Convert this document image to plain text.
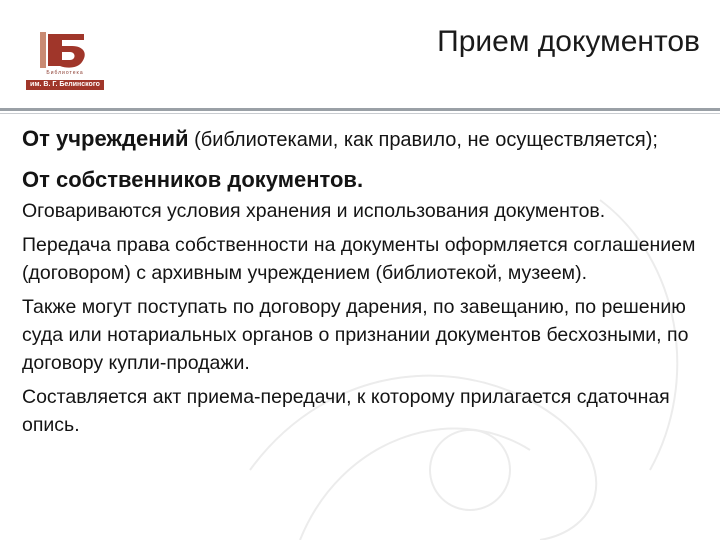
Библиотека
им. В. Г. Белинского
Прием документов

От учреждений (библиотеками, как правило, не осуществляется);

От собственников документов.

Оговариваются условия хранения и использования документов.

Передача права собственности на документы оформляется соглашением (договором) с архивным учреждением (библиотекой, музеем).

Также могут поступать по договору дарения, по завещанию, по решению суда или нотариальных органов о признании документов бесхозными, по договору купли-продажи.

Составляется акт приема-передачи, к которому прилагается сдаточная опись.
